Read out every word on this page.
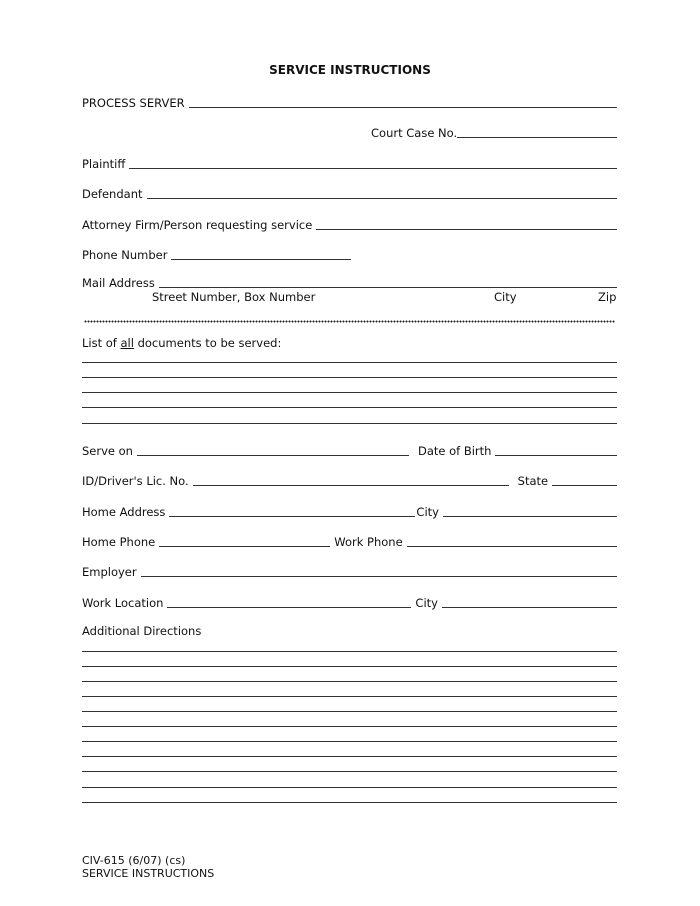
SERVICE INSTRUCTIONS
PROCESS SERVER
Court Case No.
Plaintiff
Defendant
Attorney Firm/Person requesting service
Phone Number
Mail Address
Street Number, Box Number	City	Zip
List of all documents to be served:
Serve on	Date of Birth
ID/Driver's Lic. No.	State
Home Address	City
Home Phone	Work Phone
Employer
Work Location	City
Additional Directions
CIV-615 (6/07) (cs)
SERVICE INSTRUCTIONS
